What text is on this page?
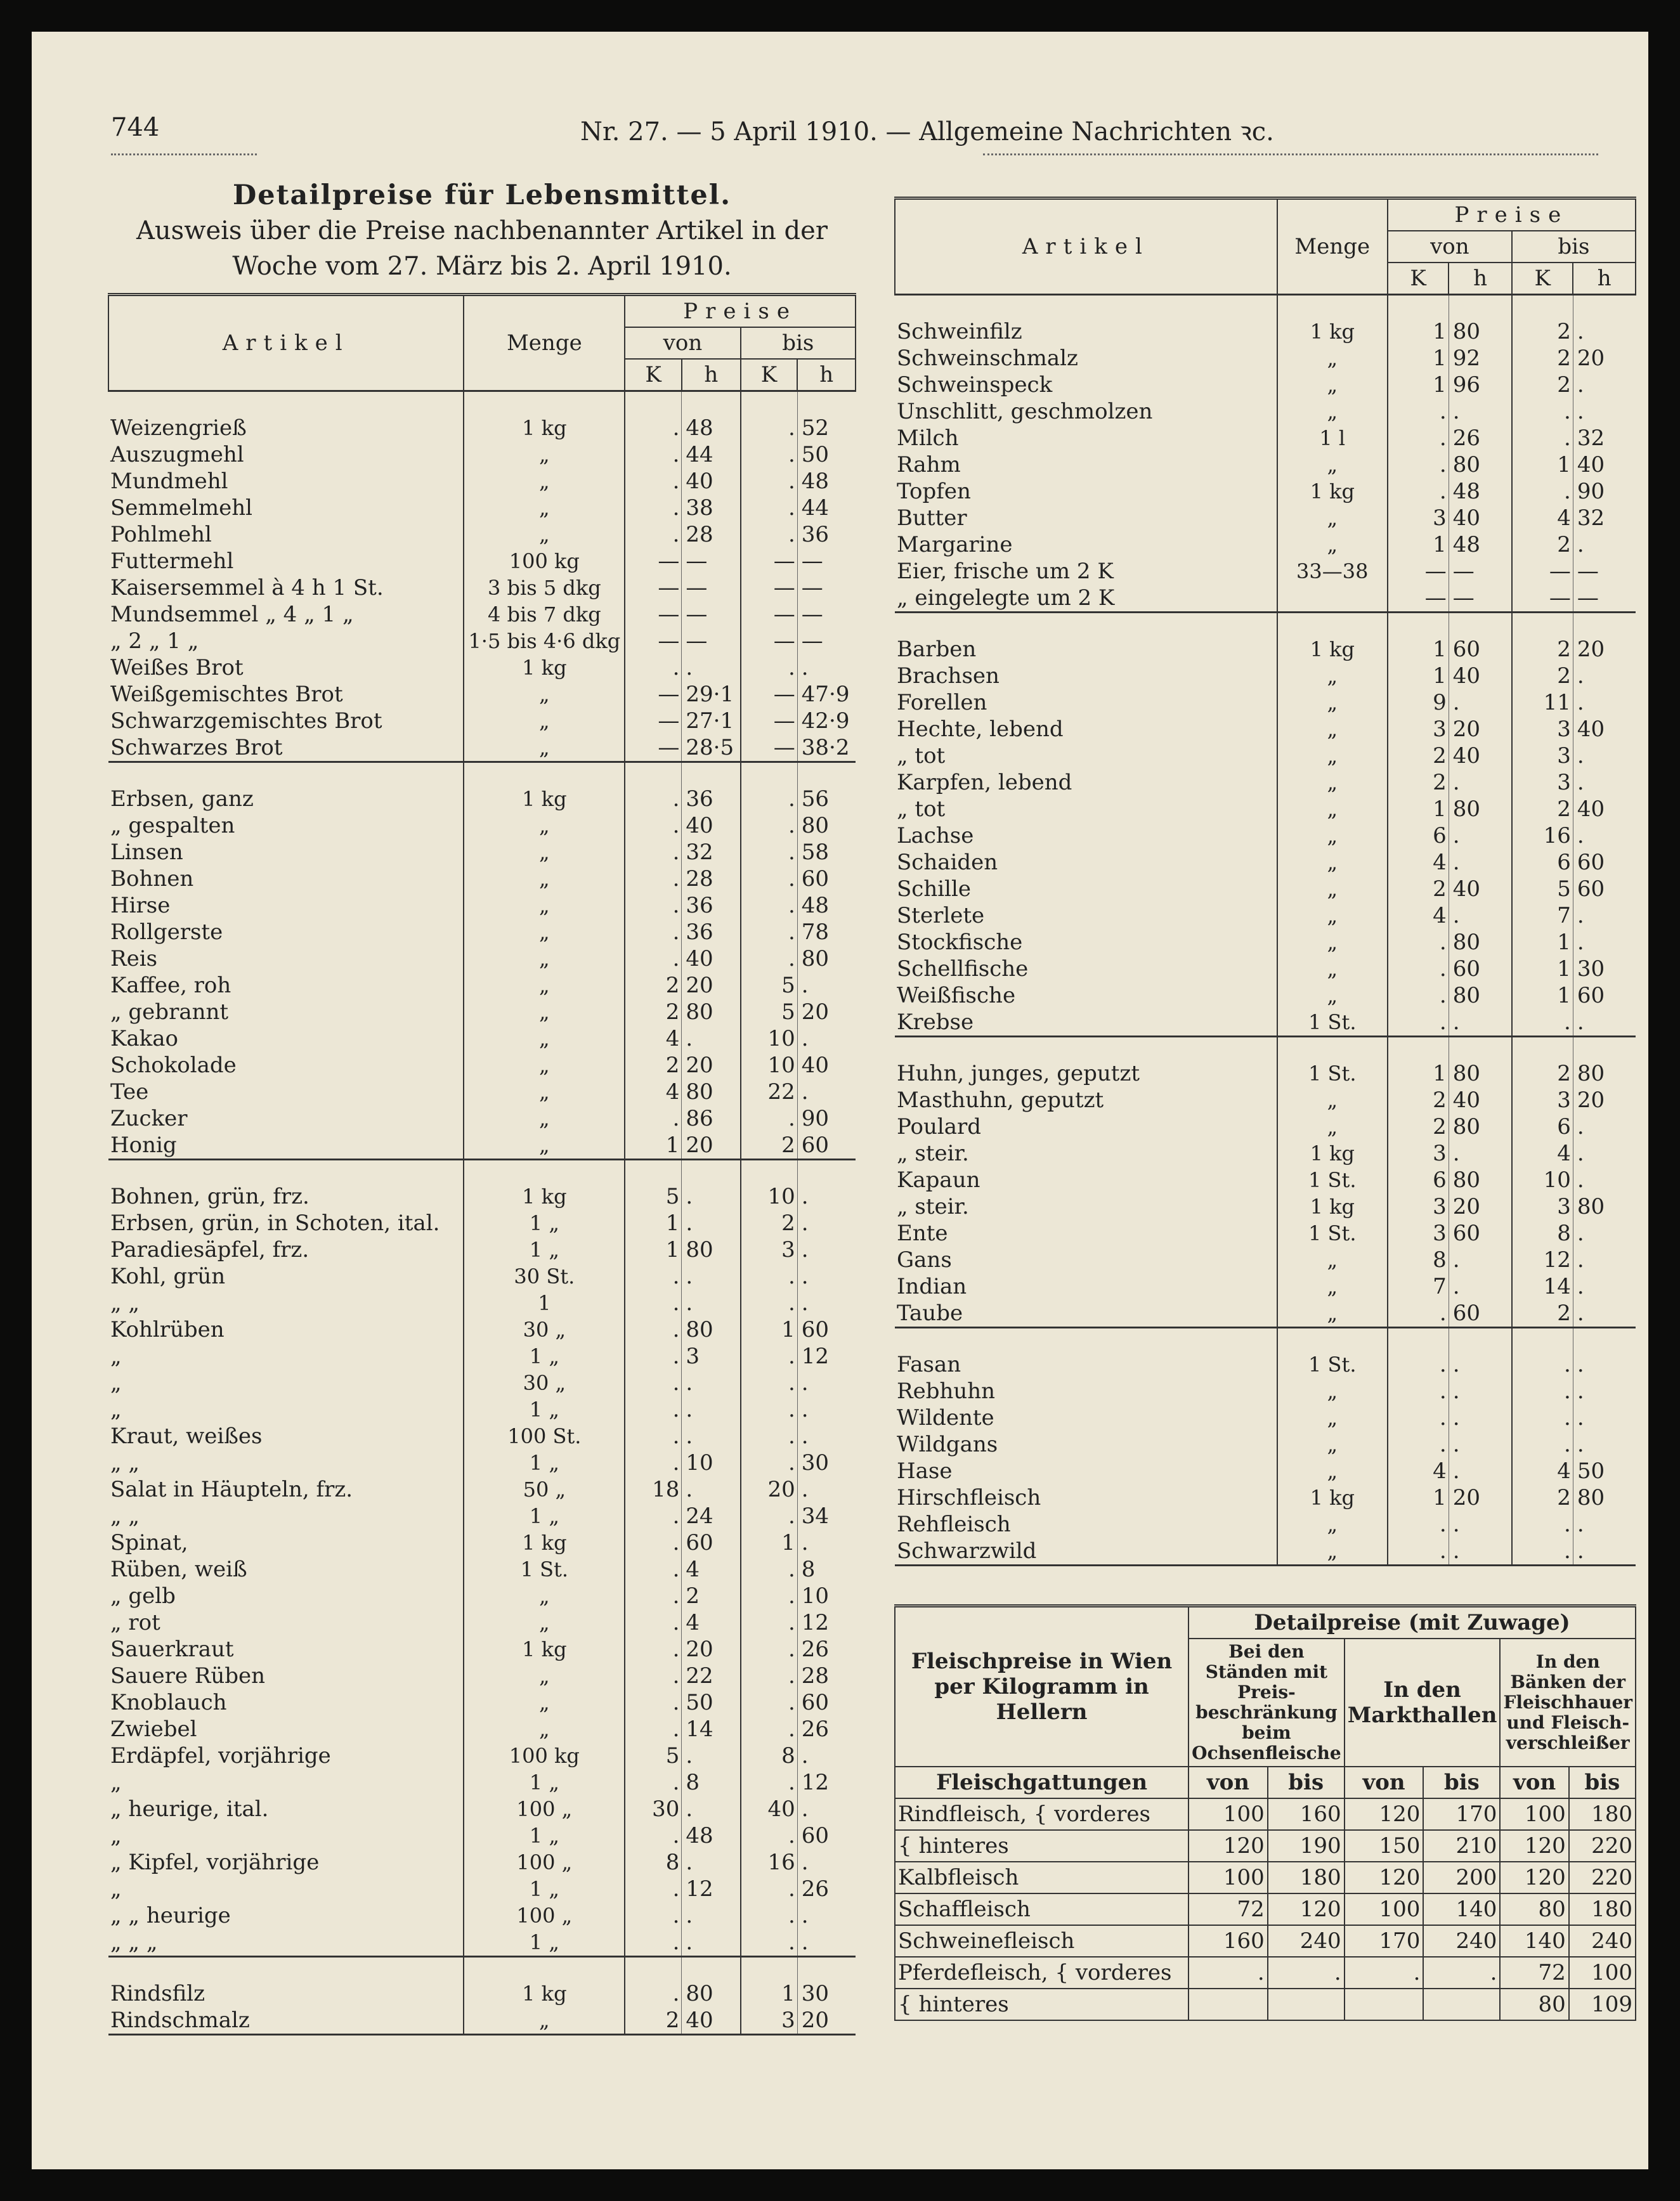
744	Nr. 27. — 5 April 1910. — Allgemeine Nachrichten ꝛc.
Detailpreise für Lebensmittel.
Ausweis über die Preise nachbenannter Artikel in der Woche vom 27. März bis 2. April 1910.
Artikel	Menge	Preise			
		von		bis	
		K	h	K	h
Weizengrieß	1 kg	.	48	.	52
Auszugmehl	„	.	44	.	50
Mundmehl	„	.	40	.	48
Semmelmehl	„	.	38	.	44
Pohlmehl	„	.	28	.	36
Futtermehl	100 kg	—	—	—	—
Kaisersemmel à 4 h 1 St.	3 bis 5 dkg	—	—	—	—
Mundsemmel „ 4 „ 1 „	4 bis 7 dkg	—	—	—	—
„ 2 „ 1 „	1·5 bis 4·6 dkg	—	—	—	—
Weißes Brot	1 kg	.	.	.	.
Weißgemischtes Brot	„	—	29·1	—	47·9
Schwarzgemischtes Brot	„	—	27·1	—	42·9
Schwarzes Brot	„	—	28·5	—	38·2
Erbsen, ganz	1 kg	.	36	.	56
„ gespalten	„	.	40	.	80
Linsen	„	.	32	.	58
Bohnen	„	.	28	.	60
Hirse	„	.	36	.	48
Rollgerste	„	.	36	.	78
Reis	„	.	40	.	80
Kaffee, roh	„	2	20	5	.
„ gebrannt	„	2	80	5	20
Kakao	„	4	.	10	.
Schokolade	„	2	20	10	40
Tee	„	4	80	22	.
Zucker	„	.	86	.	90
Honig	„	1	20	2	60
Bohnen, grün, frz.	1 kg	5	.	10	.
Erbsen, grün, in Schoten, ital.	1 „	1	.	2	.
Paradiesäpfel, frz.	1 „	1	80	3	.
Kohl, grün	30 St.	.	.	.	.
„ „	1	.	.	.	.
Kohlrüben	30 „	.	80	1	60
„	1 „	.	3	.	12
„	30 „	.	.	.	.
„	1 „	.	.	.	.
Kraut, weißes	100 St.	.	.	.	.
„ „	1 „	.	10	.	30
Salat in Häupteln, frz.	50 „	18	.	20	.
„ „	1 „	.	24	.	34
Spinat,	1 kg	.	60	1	.
Rüben, weiß	1 St.	.	4	.	8
„ gelb	„	.	2	.	10
„ rot	„	.	4	.	12
Sauerkraut	1 kg	.	20	.	26
Sauere Rüben	„	.	22	.	28
Knoblauch	„	.	50	.	60
Zwiebel	„	.	14	.	26
Erdäpfel, vorjährige	100 kg	5	.	8	.
„	1 „	.	8	.	12
„ heurige, ital.	100 „	30	.	40	.
„	1 „	.	48	.	60
„ Kipfel, vorjährige	100 „	8	.	16	.
„	1 „	.	12	.	26
„ „ heurige	100 „	.	.	.	.
„ „ „	1 „	.	.	.	.
Rindsfilz	1 kg	.	80	1	30
Rindschmalz	„	2	40	3	20
Artikel	Menge	Preise			
		von		bis	
		K	h	K	h
Schweinfilz	1 kg	1	80	2	.
Schweinschmalz	„	1	92	2	20
Schweinspeck	„	1	96	2	.
Unschlitt, geschmolzen	„	.	.	.	.
Milch	1 l	.	26	.	32
Rahm	„	.	80	1	40
Topfen	1 kg	.	48	.	90
Butter	„	3	40	4	32
Margarine	„	1	48	2	.
Eier, frische um 2 K	33—38	—	—	—	—
„ eingelegte um 2 K		—	—	—	—
Barben	1 kg	1	60	2	20
Brachsen	„	1	40	2	.
Forellen	„	9	.	11	.
Hechte, lebend	„	3	20	3	40
„ tot	„	2	40	3	.
Karpfen, lebend	„	2	.	3	.
„ tot	„	1	80	2	40
Lachse	„	6	.	16	.
Schaiden	„	4	.	6	60
Schille	„	2	40	5	60
Sterlete	„	4	.	7	.
Stockfische	„	.	80	1	.
Schellfische	„	.	60	1	30
Weißfische	„	.	80	1	60
Krebse	1 St.	.	.	.	.
Huhn, junges, geputzt	1 St.	1	80	2	80
Masthuhn, geputzt	„	2	40	3	20
Poulard	„	2	80	6	.
„ steir.	1 kg	3	.	4	.
Kapaun	1 St.	6	80	10	.
„ steir.	1 kg	3	20	3	80
Ente	1 St.	3	60	8	.
Gans	„	8	.	12	.
Indian	„	7	.	14	.
Taube	„	.	60	2	.
Fasan	1 St.	.	.	.	.
Rebhuhn	„	.	.	.	.
Wildente	„	.	.	.	.
Wildgans	„	.	.	.	.
Hase	„	4	.	4	50
Hirschfleisch	1 kg	1	20	2	80
Rehfleisch	„	.	.	.	.
Schwarzwild	„	.	.	.	.
Fleischpreise in Wien per Kilogramm in Hellern	Detailpreise (mit Zuwage)					
	Bei den Ständen mit Preis-beschränkung beim Ochsenfleische		In den Markthallen		In den Bänken der Fleischhauer und Fleisch-verschleißer	
Fleischgattungen	von	bis	von	bis	von	bis
Rindfleisch, { vorderes	100	160	120	170	100	180
{ hinteres	120	190	150	210	120	220
Kalbfleisch	100	180	120	200	120	220
Schaffleisch	72	120	100	140	80	180
Schweinefleisch	160	240	170	240	140	240
Pferdefleisch, { vorderes	.	.	.	.	72	100
{ hinteres					80	109
